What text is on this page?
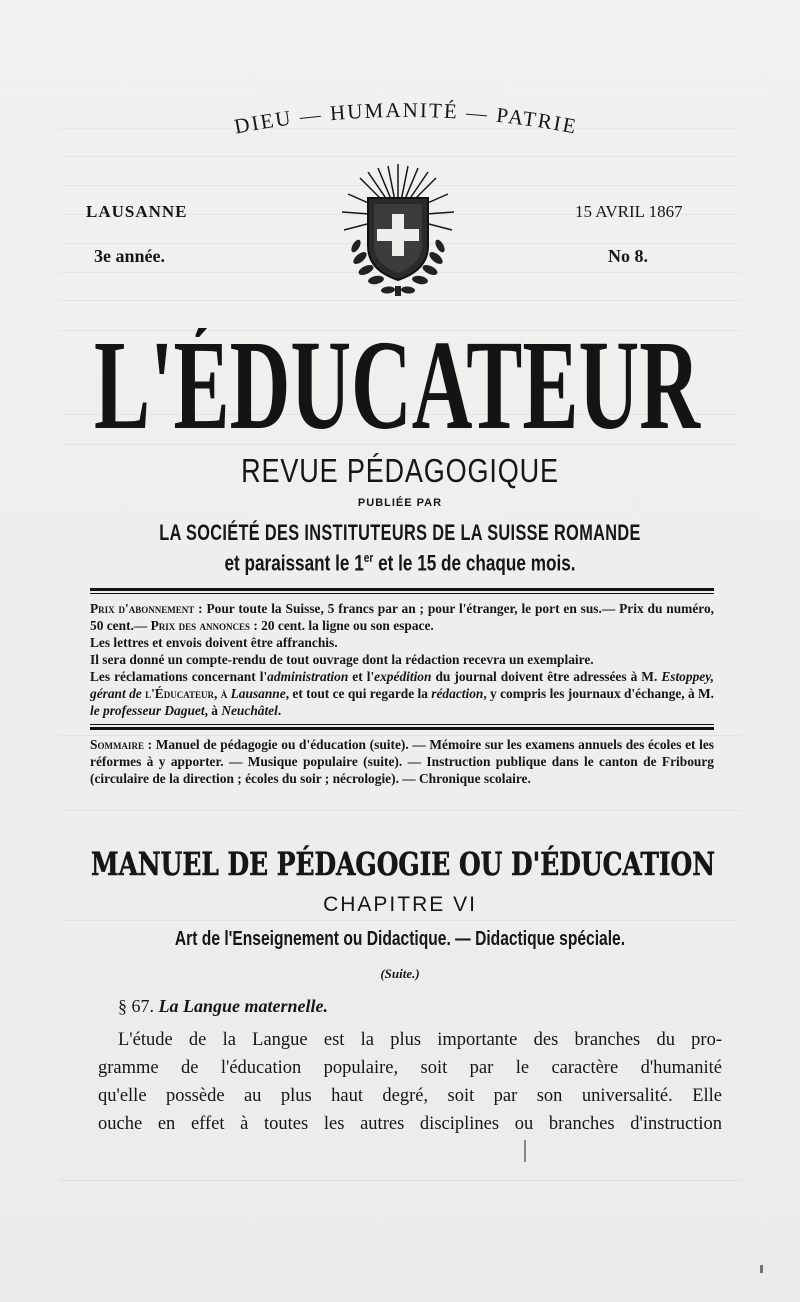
DIEU — HUMANITÉ — PATRIE
LAUSANNE	15 AVRIL 1867
3e année.	No 8.
L'ÉDUCATEUR
REVUE PÉDAGOGIQUE
PUBLIÉE PAR
LA SOCIÉTÉ DES INSTITUTEURS DE LA SUISSE ROMANDE
et paraissant le 1er et le 15 de chaque mois.

Prix d'abonnement : Pour toute la Suisse, 5 francs par an ; pour l'étranger, le port en sus.— Prix du numéro, 50 cent.— Prix des annonces : 20 cent. la ligne ou son espace.

Les lettres et envois doivent être affranchis.

Il sera donné un compte-rendu de tout ouvrage dont la rédaction recevra un exemplaire.

Les réclamations concernant l'administration et l'expédition du journal doivent être adressées à M. Estoppey, gérant de l'Éducateur, à Lausanne, et tout ce qui regarde la rédaction, y compris les journaux d'échange, à M. le professeur Daguet, à Neuchâtel.

Sommaire : Manuel de pédagogie ou d'éducation (suite). — Mémoire sur les examens annuels des écoles et les réformes à y apporter. — Musique populaire (suite). — Instruction publique dans le canton de Fribourg (circulaire de la direction ; écoles du soir ; nécrologie). — Chronique scolaire.

MANUEL DE PÉDAGOGIE OU D'ÉDUCATION
CHAPITRE VI
Art de l'Enseignement ou Didactique. — Didactique spéciale.
(Suite.)
§ 67. La Langue maternelle.
L'étude de la Langue est la plus importante des branches du pro-
gramme de l'éducation populaire, soit par le caractère d'humanité
qu'elle possède au plus haut degré, soit par son universalité. Elle
ouche en effet à toutes les autres disciplines ou branches d'instruction
